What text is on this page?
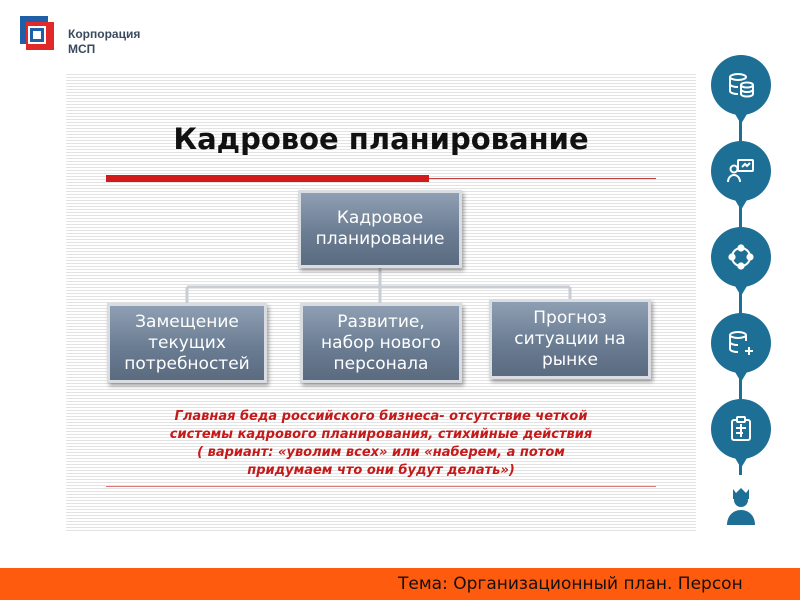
Корпорация
МСП
Кадровое планирование
Кадровое
планирование
Замещение
текущих
потребностей
Развитие,
набор нового
персонала
Прогноз
ситуации на
рынке
Главная беда российского бизнеса- отсутствие четкой
системы кадрового планирования, стихийные действия
( вариант: «уволим всех» или «наберем, а потом
придумаем что они будут делать»)
Тема: Организационный план. Персон
